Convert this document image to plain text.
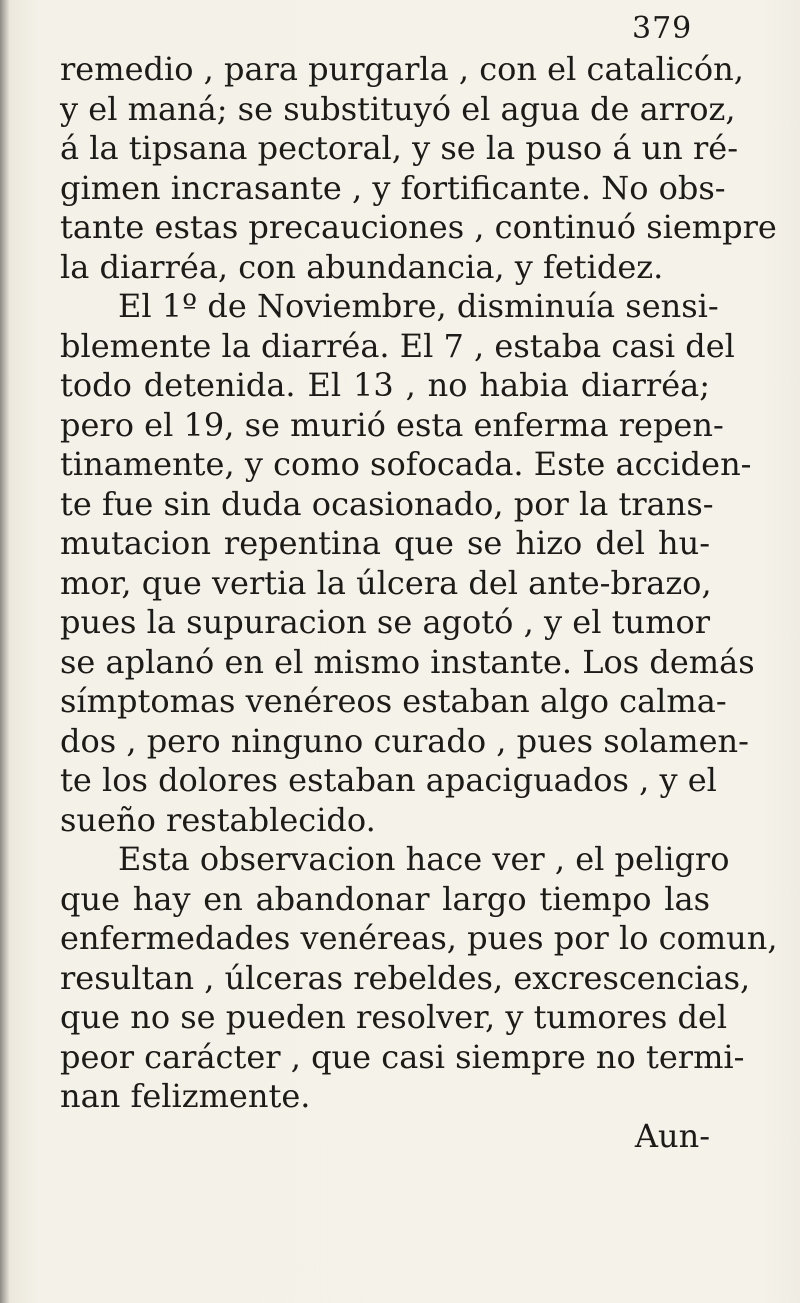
379
remedio , para purgarla , con el catalicón,
y el maná; se substituyó el agua de arroz,
á la tipsana pectoral, y se la puso á un ré-
gimen incrasante , y fortificante. No obs-
tante estas precauciones , continuó siempre
la diarréa, con abundancia, y fetidez.
El 1º de Noviembre, disminuía sensi-
blemente la diarréa. El 7 , estaba casi del
todo detenida. El 13 , no habia diarréa;
pero el 19, se murió esta enferma repen-
tinamente, y como sofocada. Este acciden-
te fue sin duda ocasionado, por la trans-
mutacion repentina que se hizo del hu-
mor, que vertia la úlcera del ante-brazo,
pues la supuracion se agotó , y el tumor
se aplanó en el mismo instante. Los demás
símptomas venéreos estaban algo calma-
dos , pero ninguno curado , pues solamen-
te los dolores estaban apaciguados , y el
sueño restablecido.
Esta observacion hace ver , el peligro
que hay en abandonar largo tiempo las
enfermedades venéreas, pues por lo comun,
resultan , úlceras rebeldes, excrescencias,
que no se pueden resolver, y tumores del
peor carácter , que casi siempre no termi-
nan felizmente.
Aun-
